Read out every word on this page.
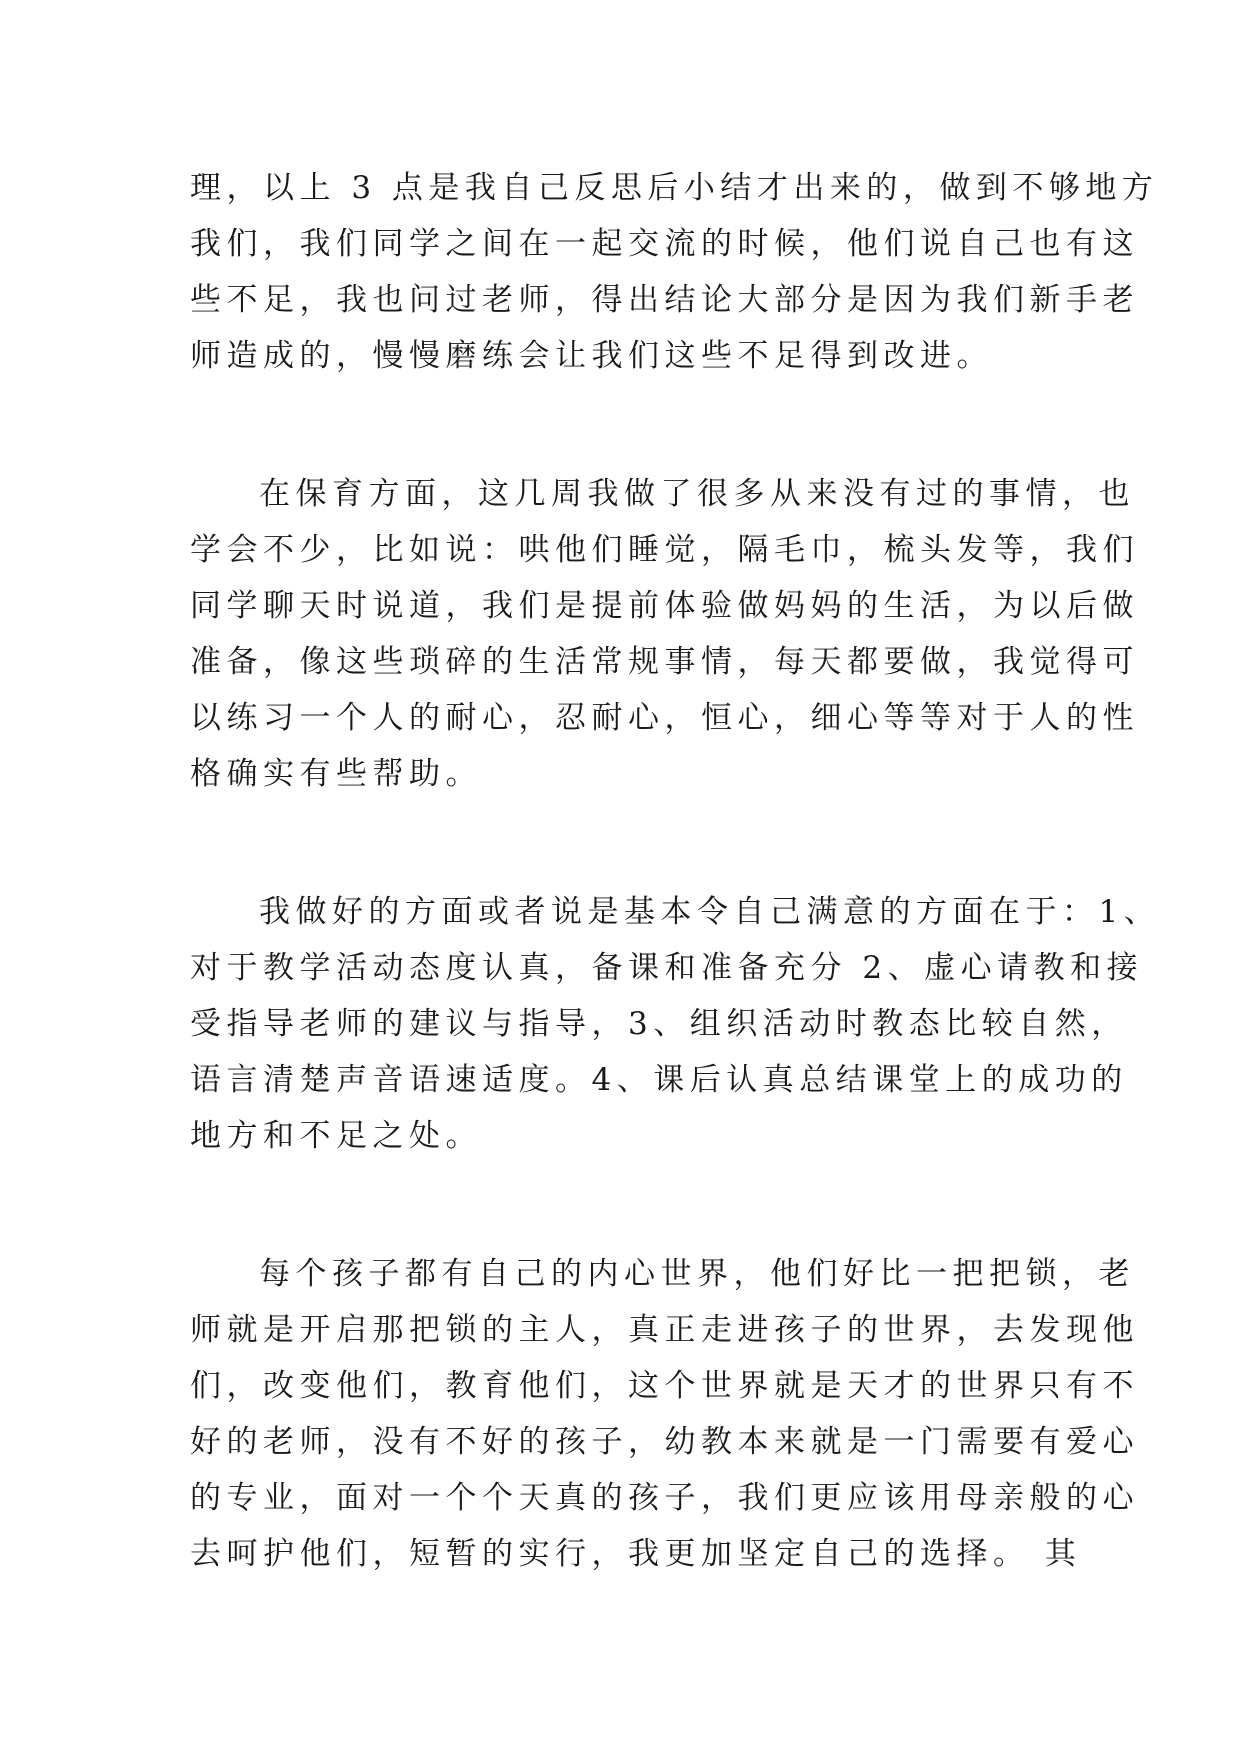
理，以上 3 点是我自己反思后小结才出来的，做到不够地方
我们，我们同学之间在一起交流的时候，他们说自己也有这
些不足，我也问过老师，得出结论大部分是因为我们新手老
师造成的，慢慢磨练会让我们这些不足得到改进。
在保育方面，这几周我做了很多从来没有过的事情，也
学会不少，比如说：哄他们睡觉，隔毛巾，梳头发等，我们
同学聊天时说道，我们是提前体验做妈妈的生活，为以后做
准备，像这些琐碎的生活常规事情，每天都要做，我觉得可
以练习一个人的耐心，忍耐心，恒心，细心等等对于人的性
格确实有些帮助。
我做好的方面或者说是基本令自己满意的方面在于：1、
对于教学活动态度认真，备课和准备充分 2、虚心请教和接
受指导老师的建议与指导，3、组织活动时教态比较自然，
语言清楚声音语速适度。4、课后认真总结课堂上的成功的
地方和不足之处。
每个孩子都有自己的内心世界，他们好比一把把锁，老
师就是开启那把锁的主人，真正走进孩子的世界，去发现他
们，改变他们，教育他们，这个世界就是天才的世界只有不
好的老师，没有不好的孩子，幼教本来就是一门需要有爱心
的专业，面对一个个天真的孩子，我们更应该用母亲般的心
去呵护他们，短暂的实行，我更加坚定自己的选择。 其
